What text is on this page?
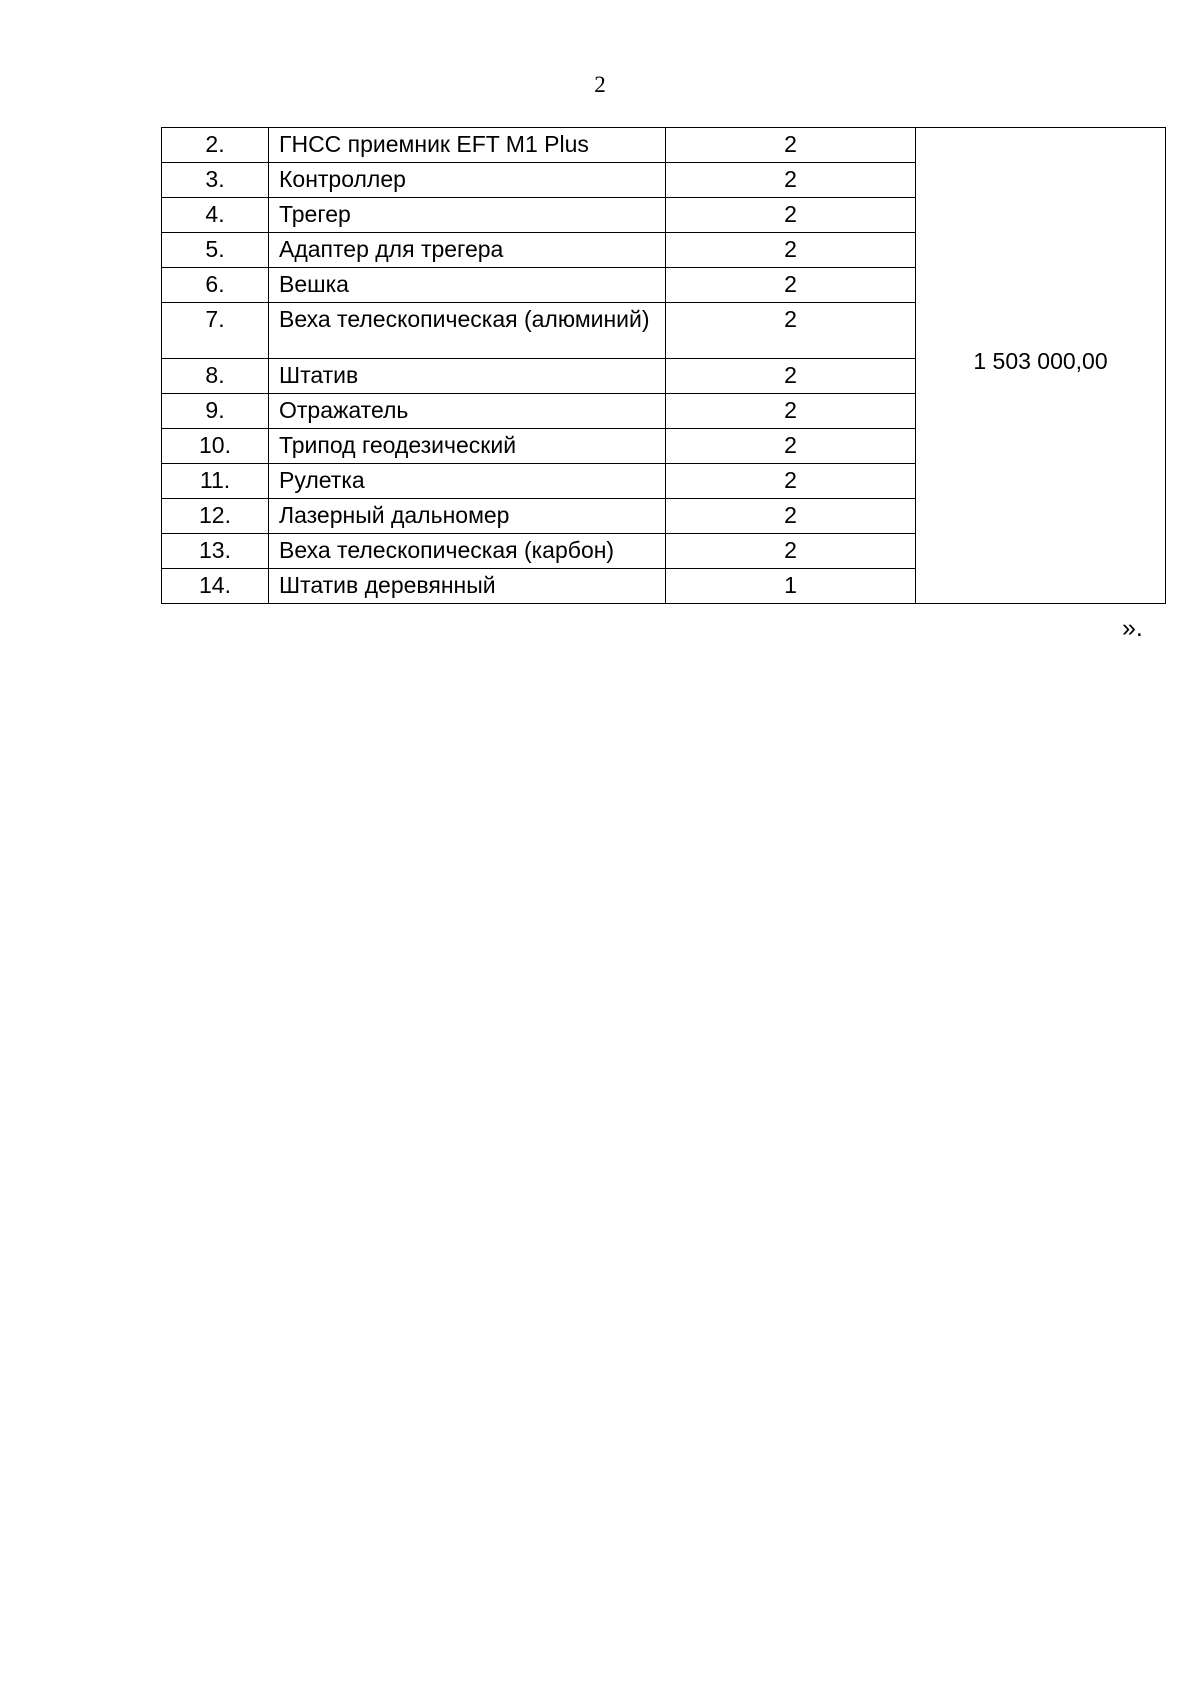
2
2.	ГНСС приемник EFT M1 Plus	2	1 503 000,00
3.	Контроллер	2	
4.	Трегер	2	
5.	Адаптер для трегера	2	
6.	Вешка	2	
7.	Веха телескопическая (алюминий)	2	
8.	Штатив	2	
9.	Отражатель	2	
10.	Трипод геодезический	2	
11.	Рулетка	2	
12.	Лазерный дальномер	2	
13.	Веха телескопическая (карбон)	2	
14.	Штатив деревянный	1	
».
